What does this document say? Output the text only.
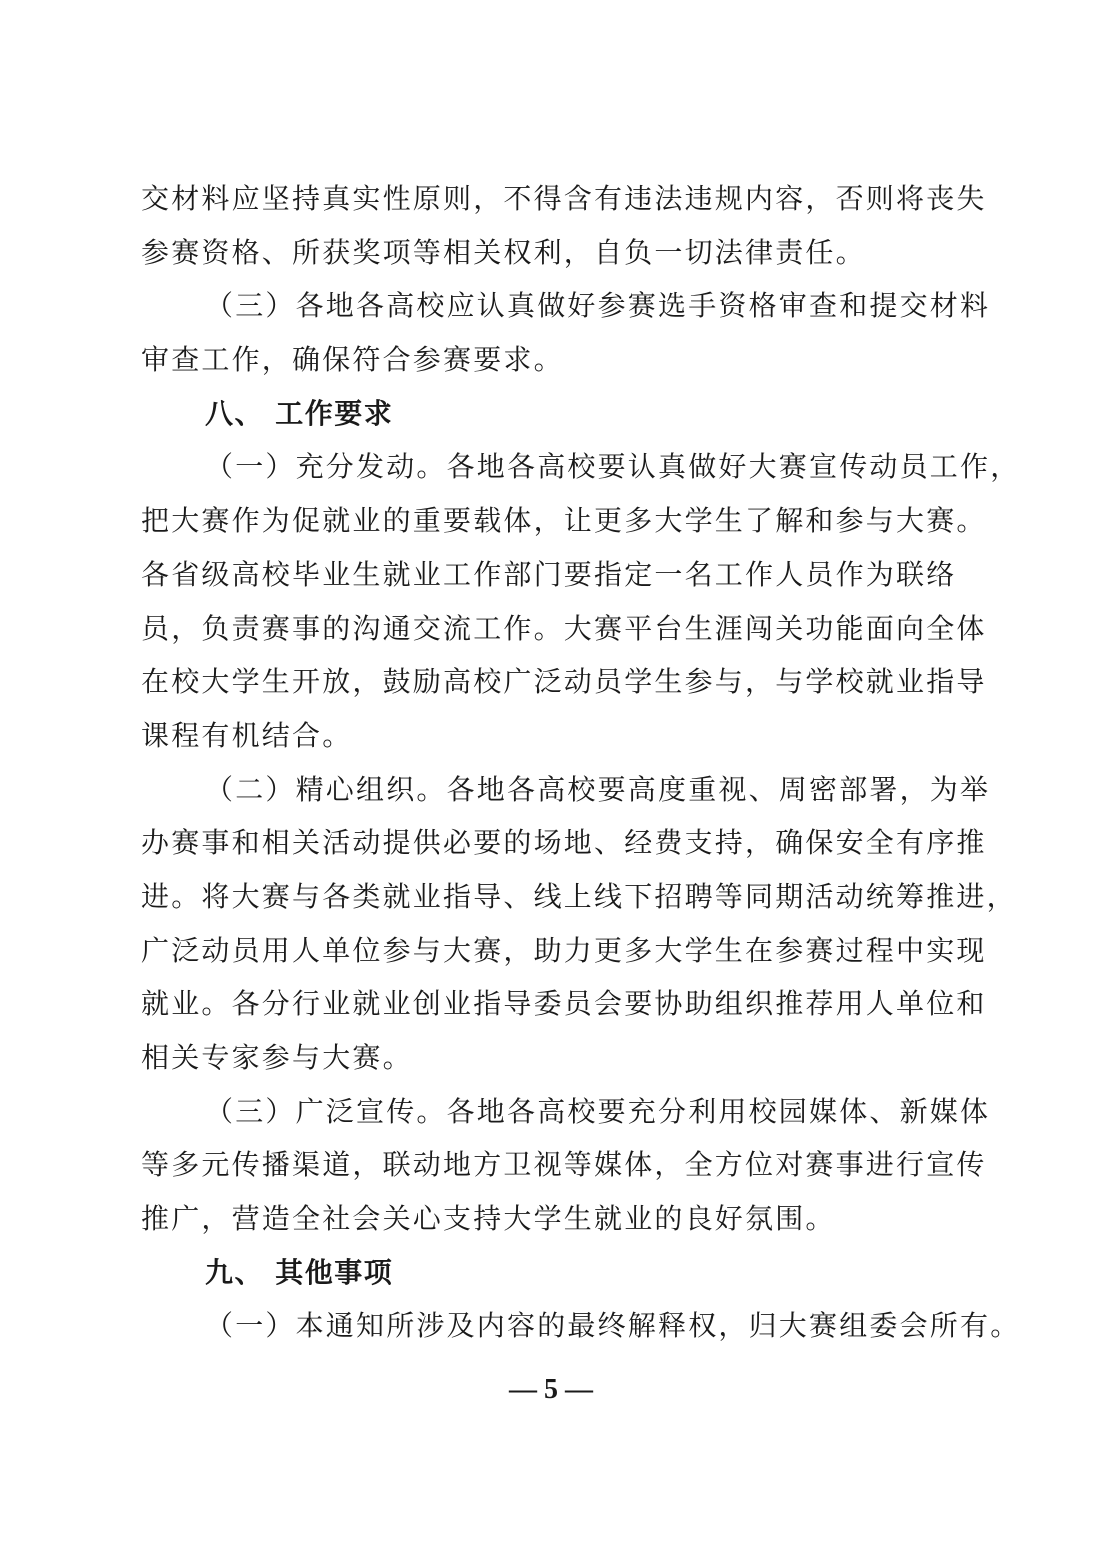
交材料应坚持真实性原则，不得含有违法违规内容，否则将丧失
参赛资格、所获奖项等相关权利，自负一切法律责任。
（三）各地各高校应认真做好参赛选手资格审查和提交材料
审查工作，确保符合参赛要求。
八、 工作要求
（一）充分发动。各地各高校要认真做好大赛宣传动员工作，
把大赛作为促就业的重要载体，让更多大学生了解和参与大赛。
各省级高校毕业生就业工作部门要指定一名工作人员作为联络
员，负责赛事的沟通交流工作。大赛平台生涯闯关功能面向全体
在校大学生开放，鼓励高校广泛动员学生参与，与学校就业指导
课程有机结合。
（二）精心组织。各地各高校要高度重视、周密部署，为举
办赛事和相关活动提供必要的场地、经费支持，确保安全有序推
进。将大赛与各类就业指导、线上线下招聘等同期活动统筹推进，
广泛动员用人单位参与大赛，助力更多大学生在参赛过程中实现
就业。各分行业就业创业指导委员会要协助组织推荐用人单位和
相关专家参与大赛。
（三）广泛宣传。各地各高校要充分利用校园媒体、新媒体
等多元传播渠道，联动地方卫视等媒体，全方位对赛事进行宣传
推广，营造全社会关心支持大学生就业的良好氛围。
九、 其他事项
（一）本通知所涉及内容的最终解释权，归大赛组委会所有。
— 5 —
